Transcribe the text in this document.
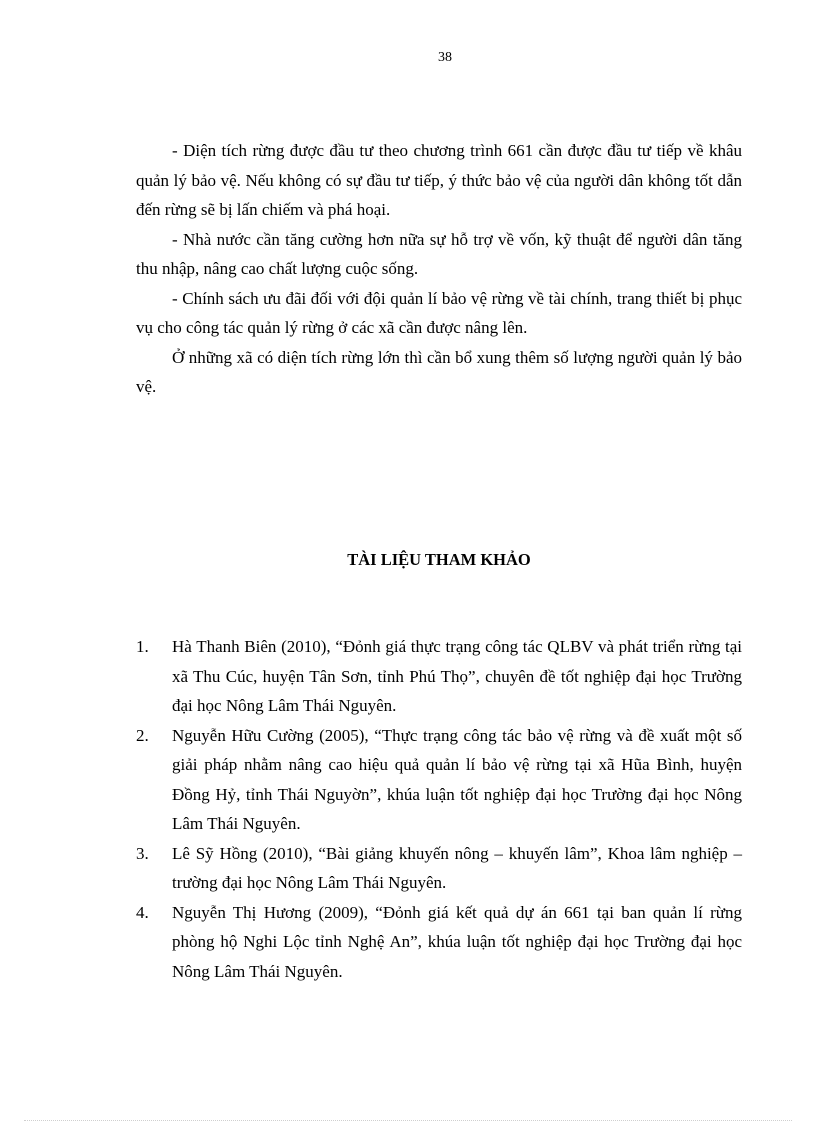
38

- Diện tích rừng được đầu tư theo chương trình 661 cần được đầu tư tiếp về khâu quản lý bảo vệ. Nếu không có sự đầu tư tiếp, ý thức bảo vệ của người dân không tốt dẫn đến rừng sẽ bị lấn chiếm và phá hoại.

- Nhà nước cần tăng cường hơn nữa sự hỗ trợ về vốn, kỹ thuật để người dân tăng thu nhập, nâng cao chất lượng cuộc sống.

- Chính sách ưu đãi đối với đội quản lí bảo vệ rừng về tài chính, trang thiết bị phục vụ cho công tác quản lý rừng ở các xã cần được nâng lên.

Ở những xã có diện tích rừng lớn thì cần bổ xung thêm số lượng người quản lý bảo vệ.

TÀI LIỆU THAM KHẢO
1.	Hà Thanh Biên (2010), “Đỏnh giá thực trạng công tác QLBV và phát triển rừng tại xã Thu Cúc, huyện Tân Sơn, tỉnh Phú Thọ”, chuyên đề tốt nghiệp đại học Trường đại học Nông Lâm Thái Nguyên.
2.	Nguyễn Hữu Cường (2005), “Thực trạng công tác bảo vệ rừng và đề xuất một số giải pháp nhằm nâng cao hiệu quả quản lí bảo vệ rừng tại xã Hũa Bình, huyện Đồng Hỷ, tỉnh Thái Nguyờn”, khúa luận tốt nghiệp đại học Trường đại học Nông Lâm Thái Nguyên.
3.	Lê Sỹ Hồng (2010), “Bài giảng khuyến nông – khuyến lâm”, Khoa lâm nghiệp – trường đại học Nông Lâm Thái Nguyên.
4.	Nguyễn Thị Hương (2009), “Đỏnh giá kết quả dự án 661 tại ban quản lí rừng phòng hộ Nghi Lộc tỉnh Nghệ An”, khúa luận tốt nghiệp đại học Trường đại học Nông Lâm Thái Nguyên.
